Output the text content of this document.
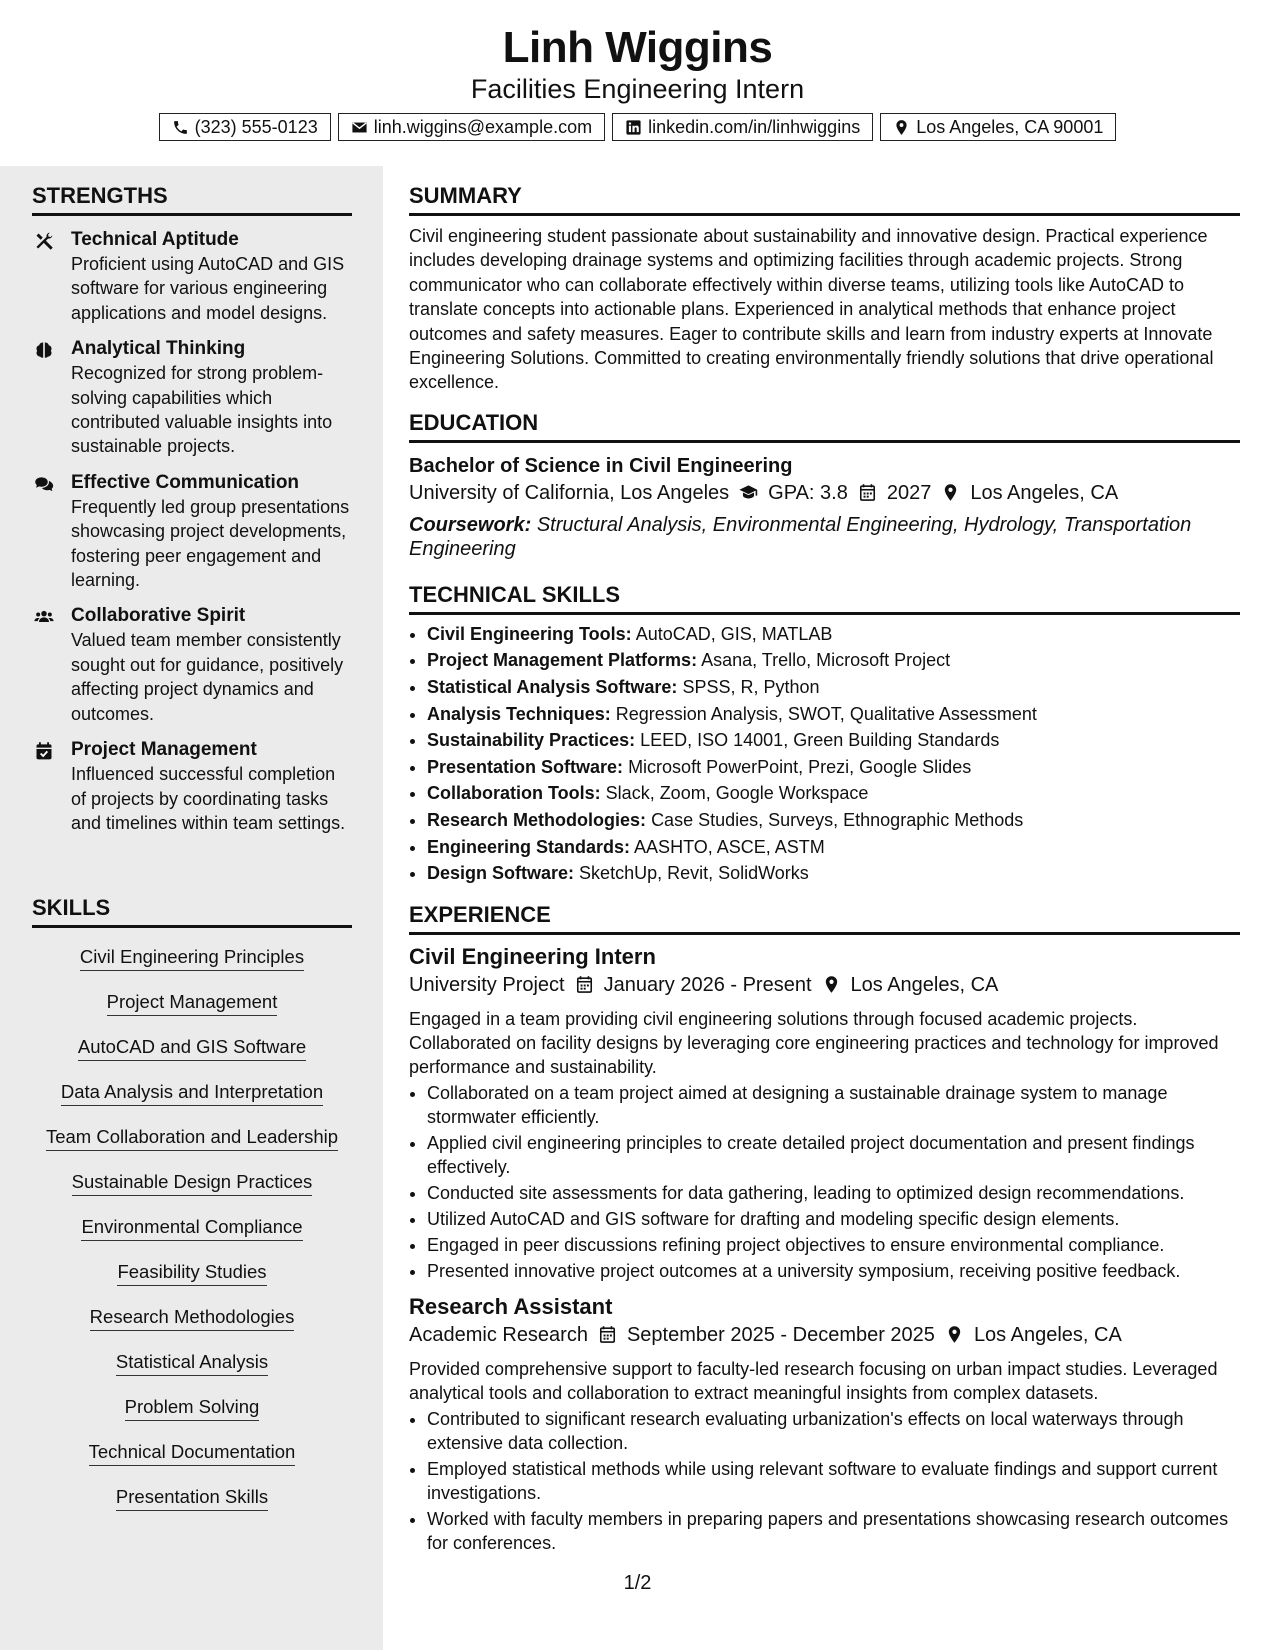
Linh Wiggins
Facilities Engineering Intern
(323) 555-0123	linh.wiggins@example.com	linkedin.com/in/linhwiggins	Los Angeles, CA 90001
STRENGTHS
Technical Aptitude
Proficient using AutoCAD and GIS software for various engineering applications and model designs.
Analytical Thinking
Recognized for strong problem-solving capabilities which contributed valuable insights into sustainable projects.
Effective Communication
Frequently led group presentations showcasing project developments, fostering peer engagement and learning.
Collaborative Spirit
Valued team member consistently sought out for guidance, positively affecting project dynamics and outcomes.
Project Management
Influenced successful completion of projects by coordinating tasks and timelines within team settings.
SKILLS
Civil Engineering Principles
Project Management
AutoCAD and GIS Software
Data Analysis and Interpretation
Team Collaboration and Leadership
Sustainable Design Practices
Environmental Compliance
Feasibility Studies
Research Methodologies
Statistical Analysis
Problem Solving
Technical Documentation
Presentation Skills
SUMMARY

Civil engineering student passionate about sustainability and innovative design. Practical experience includes developing drainage systems and optimizing facilities through academic projects. Strong communicator who can collaborate effectively within diverse teams, utilizing tools like AutoCAD to translate concepts into actionable plans. Experienced in analytical methods that enhance project outcomes and safety measures. Eager to contribute skills and learn from industry experts at Innovate Engineering Solutions. Committed to creating environmentally friendly solutions that drive operational excellence.

EDUCATION
Bachelor of Science in Civil Engineering
University of California, Los Angeles GPA: 3.8 2027 Los Angeles, CA
Coursework: Structural Analysis, Environmental Engineering, Hydrology, Transportation Engineering
TECHNICAL SKILLS
• Civil Engineering Tools: AutoCAD, GIS, MATLAB
• Project Management Platforms: Asana, Trello, Microsoft Project
• Statistical Analysis Software: SPSS, R, Python
• Analysis Techniques: Regression Analysis, SWOT, Qualitative Assessment
• Sustainability Practices: LEED, ISO 14001, Green Building Standards
• Presentation Software: Microsoft PowerPoint, Prezi, Google Slides
• Collaboration Tools: Slack, Zoom, Google Workspace
• Research Methodologies: Case Studies, Surveys, Ethnographic Methods
• Engineering Standards: AASHTO, ASCE, ASTM
• Design Software: SketchUp, Revit, SolidWorks
EXPERIENCE
Civil Engineering Intern
University Project January 2026 - Present Los Angeles, CA
Engaged in a team providing civil engineering solutions through focused academic projects. Collaborated on facility designs by leveraging core engineering practices and technology for improved performance and sustainability.
• Collaborated on a team project aimed at designing a sustainable drainage system to manage stormwater efficiently.
• Applied civil engineering principles to create detailed project documentation and present findings effectively.
• Conducted site assessments for data gathering, leading to optimized design recommendations.
• Utilized AutoCAD and GIS software for drafting and modeling specific design elements.
• Engaged in peer discussions refining project objectives to ensure environmental compliance.
• Presented innovative project outcomes at a university symposium, receiving positive feedback.
Research Assistant
Academic Research September 2025 - December 2025 Los Angeles, CA
Provided comprehensive support to faculty-led research focusing on urban impact studies. Leveraged analytical tools and collaboration to extract meaningful insights from complex datasets.
• Contributed to significant research evaluating urbanization's effects on local waterways through extensive data collection.
• Employed statistical methods while using relevant software to evaluate findings and support current investigations.
• Worked with faculty members in preparing papers and presentations showcasing research outcomes for conferences.
1/2
